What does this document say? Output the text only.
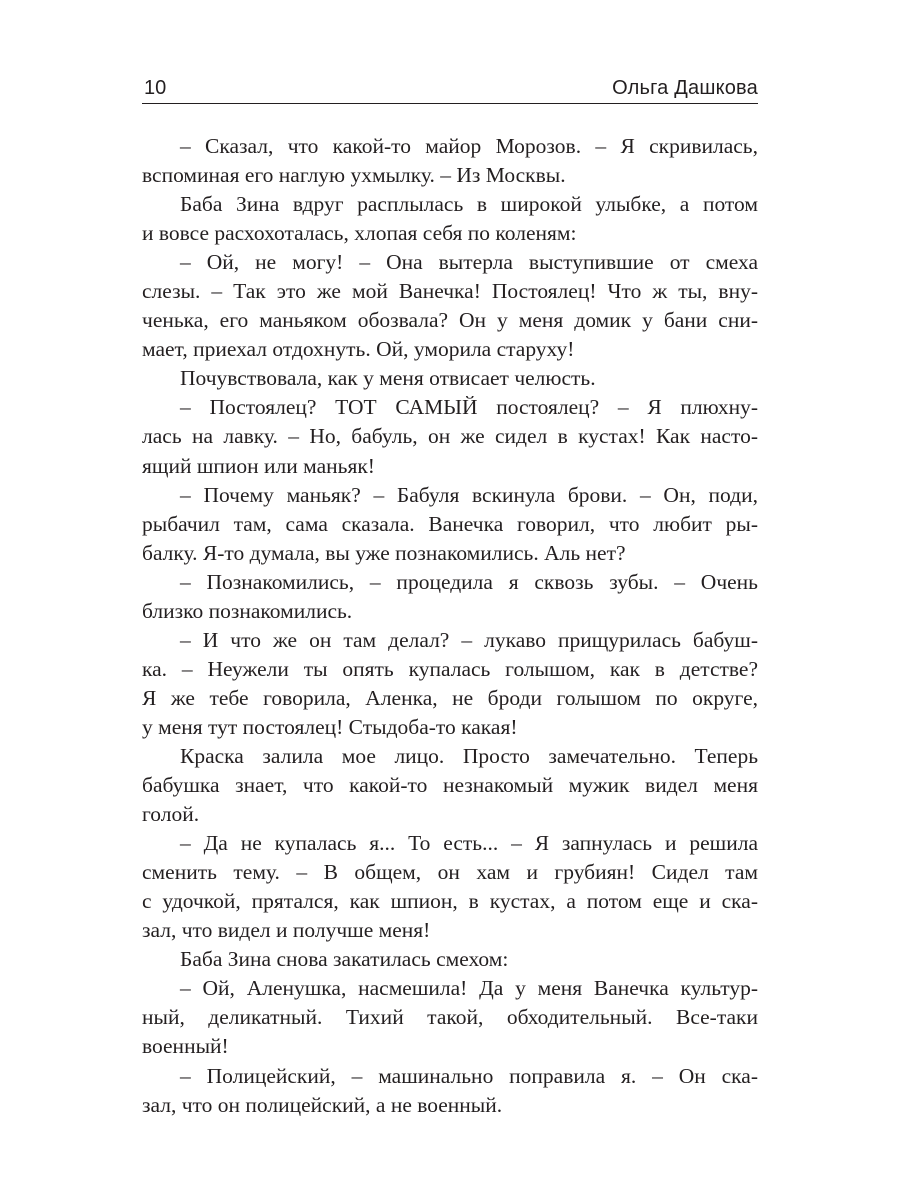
10	Ольга Дашкова
– Сказал, что какой-то майор Морозов. – Я скривилась,
вспоминая его наглую ухмылку. – Из Москвы.
Баба Зина вдруг расплылась в широкой улыбке, а потом
и вовсе расхохоталась, хлопая себя по коленям:
– Ой, не могу! – Она вытерла выступившие от смеха
слезы. – Так это же мой Ванечка! Постоялец! Что ж ты, вну-
ченька, его маньяком обозвала? Он у меня домик у бани сни-
мает, приехал отдохнуть. Ой, уморила старуху!
Почувствовала, как у меня отвисает челюсть.
– Постоялец? ТОТ САМЫЙ постоялец? – Я плюхну-
лась на лавку. – Но, бабуль, он же сидел в кустах! Как насто-
ящий шпион или маньяк!
– Почему маньяк? – Бабуля вскинула брови. – Он, поди,
рыбачил там, сама сказала. Ванечка говорил, что любит ры-
балку. Я-то думала, вы уже познакомились. Аль нет?
– Познакомились, – процедила я сквозь зубы. – Очень
близко познакомились.
– И что же он там делал? – лукаво прищурилась бабуш-
ка. – Неужели ты опять купалась голышом, как в детстве?
Я же тебе говорила, Аленка, не броди голышом по округе,
у меня тут постоялец! Стыдоба-то какая!
Краска залила мое лицо. Просто замечательно. Теперь
бабушка знает, что какой-то незнакомый мужик видел меня
голой.
– Да не купалась я... То есть... – Я запнулась и решила
сменить тему. – В общем, он хам и грубиян! Сидел там
с удочкой, прятался, как шпион, в кустах, а потом еще и ска-
зал, что видел и получше меня!
Баба Зина снова закатилась смехом:
– Ой, Аленушка, насмешила! Да у меня Ванечка культур-
ный, деликатный. Тихий такой, обходительный. Все-таки
военный!
– Полицейский, – машинально поправила я. – Он ска-
зал, что он полицейский, а не военный.
